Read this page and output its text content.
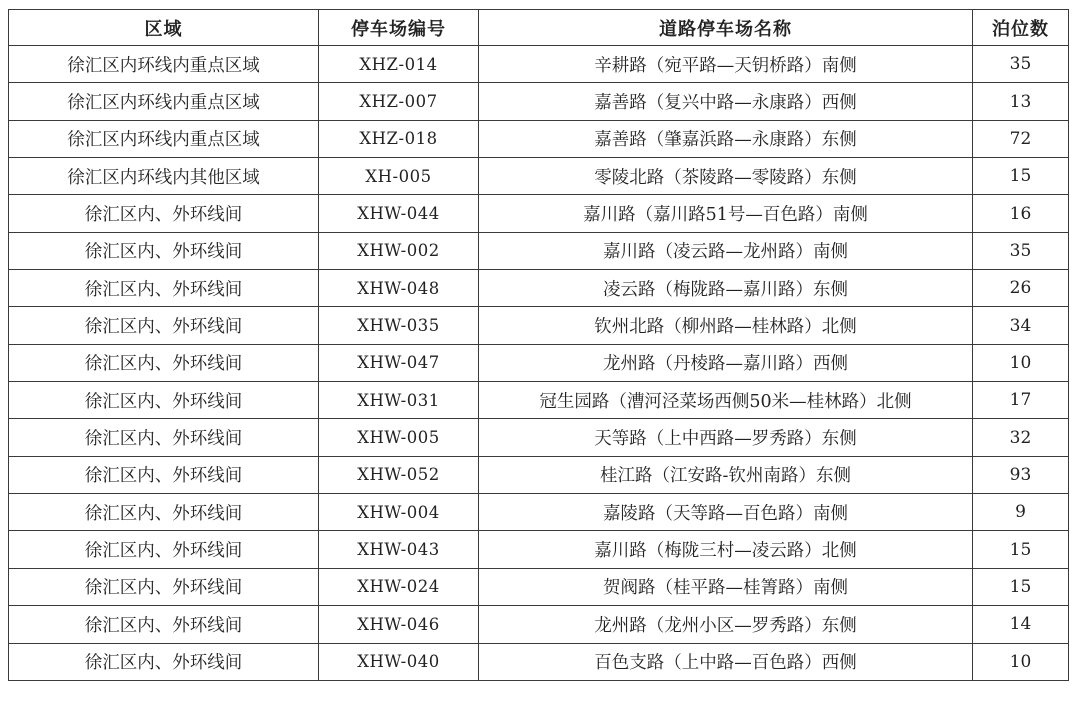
区域	停车场编号	道路停车场名称	泊位数
徐汇区内环线内重点区域	XHZ-014	辛耕路（宛平路—天钥桥路）南侧	35
徐汇区内环线内重点区域	XHZ-007	嘉善路（复兴中路—永康路）西侧	13
徐汇区内环线内重点区域	XHZ-018	嘉善路（肇嘉浜路—永康路）东侧	72
徐汇区内环线内其他区域	XH-005	零陵北路（茶陵路—零陵路）东侧	15
徐汇区内、外环线间	XHW-044	嘉川路（嘉川路51号—百色路）南侧	16
徐汇区内、外环线间	XHW-002	嘉川路（凌云路—龙州路）南侧	35
徐汇区内、外环线间	XHW-048	凌云路（梅陇路—嘉川路）东侧	26
徐汇区内、外环线间	XHW-035	钦州北路（柳州路—桂林路）北侧	34
徐汇区内、外环线间	XHW-047	龙州路（丹棱路—嘉川路）西侧	10
徐汇区内、外环线间	XHW-031	冠生园路（漕河泾菜场西侧50米—桂林路）北侧	17
徐汇区内、外环线间	XHW-005	天等路（上中西路—罗秀路）东侧	32
徐汇区内、外环线间	XHW-052	桂江路（江安路-钦州南路）东侧	93
徐汇区内、外环线间	XHW-004	嘉陵路（天等路—百色路）南侧	9
徐汇区内、外环线间	XHW-043	嘉川路（梅陇三村—凌云路）北侧	15
徐汇区内、外环线间	XHW-024	贺阀路（桂平路—桂箐路）南侧	15
徐汇区内、外环线间	XHW-046	龙州路（龙州小区—罗秀路）东侧	14
徐汇区内、外环线间	XHW-040	百色支路（上中路—百色路）西侧	10
